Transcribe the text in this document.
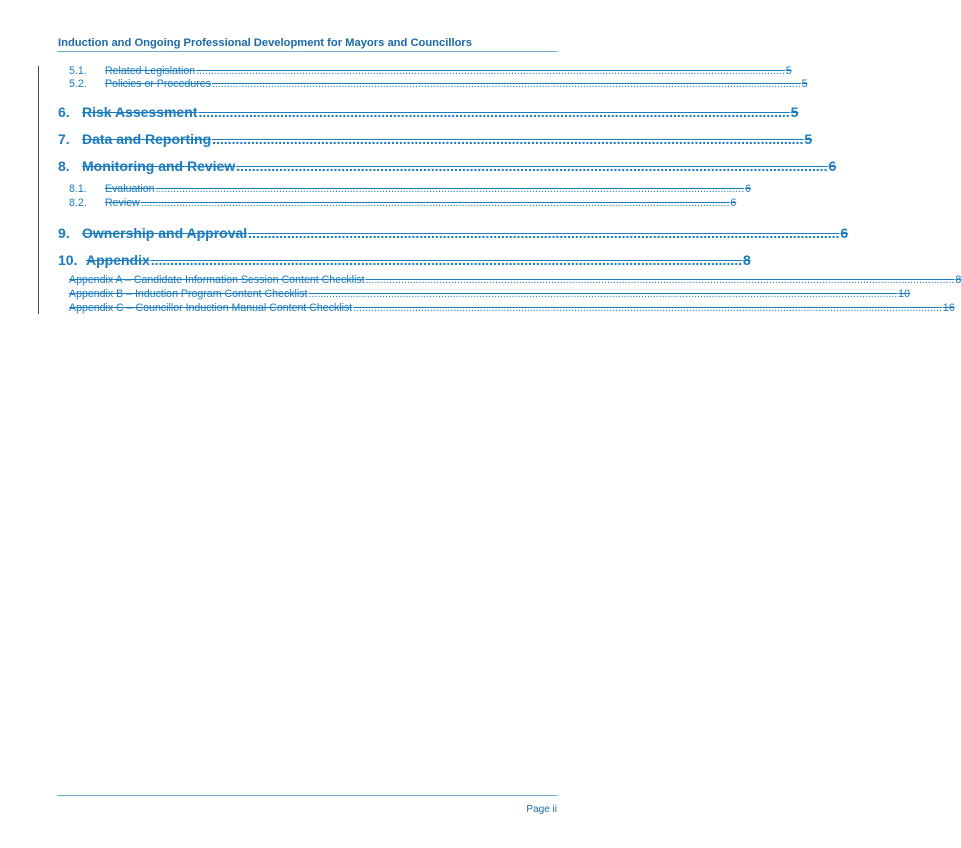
Induction and Ongoing Professional Development for Mayors and Councillors
5.1. Related Legislation ........................................................................................................................................................................................................ 5
5.2. Policies or Procedures ........................................................................................................................................................................................................ 5
6. Risk Assessment ........................................................................................................................................................ 5
7. Data and Reporting ........................................................................................................................................................ 5
8. Monitoring and Review ........................................................................................................................................................ 6
8.1. Evaluation ........................................................................................................................................................................................................ 6
8.2. Review ........................................................................................................................................................................................................ 6
9. Ownership and Approval ........................................................................................................................................................ 6
10. Appendix ........................................................................................................................................................ 8
Appendix A – Candidate Information Session Content Checklist ........................................................................................................................................................................................................ 8
Appendix B – Induction Program Content Checklist ........................................................................................................................................................................................................ 10
Appendix C – Councillor Induction Manual Content Checklist ........................................................................................................................................................................................................ 16
Page ii
